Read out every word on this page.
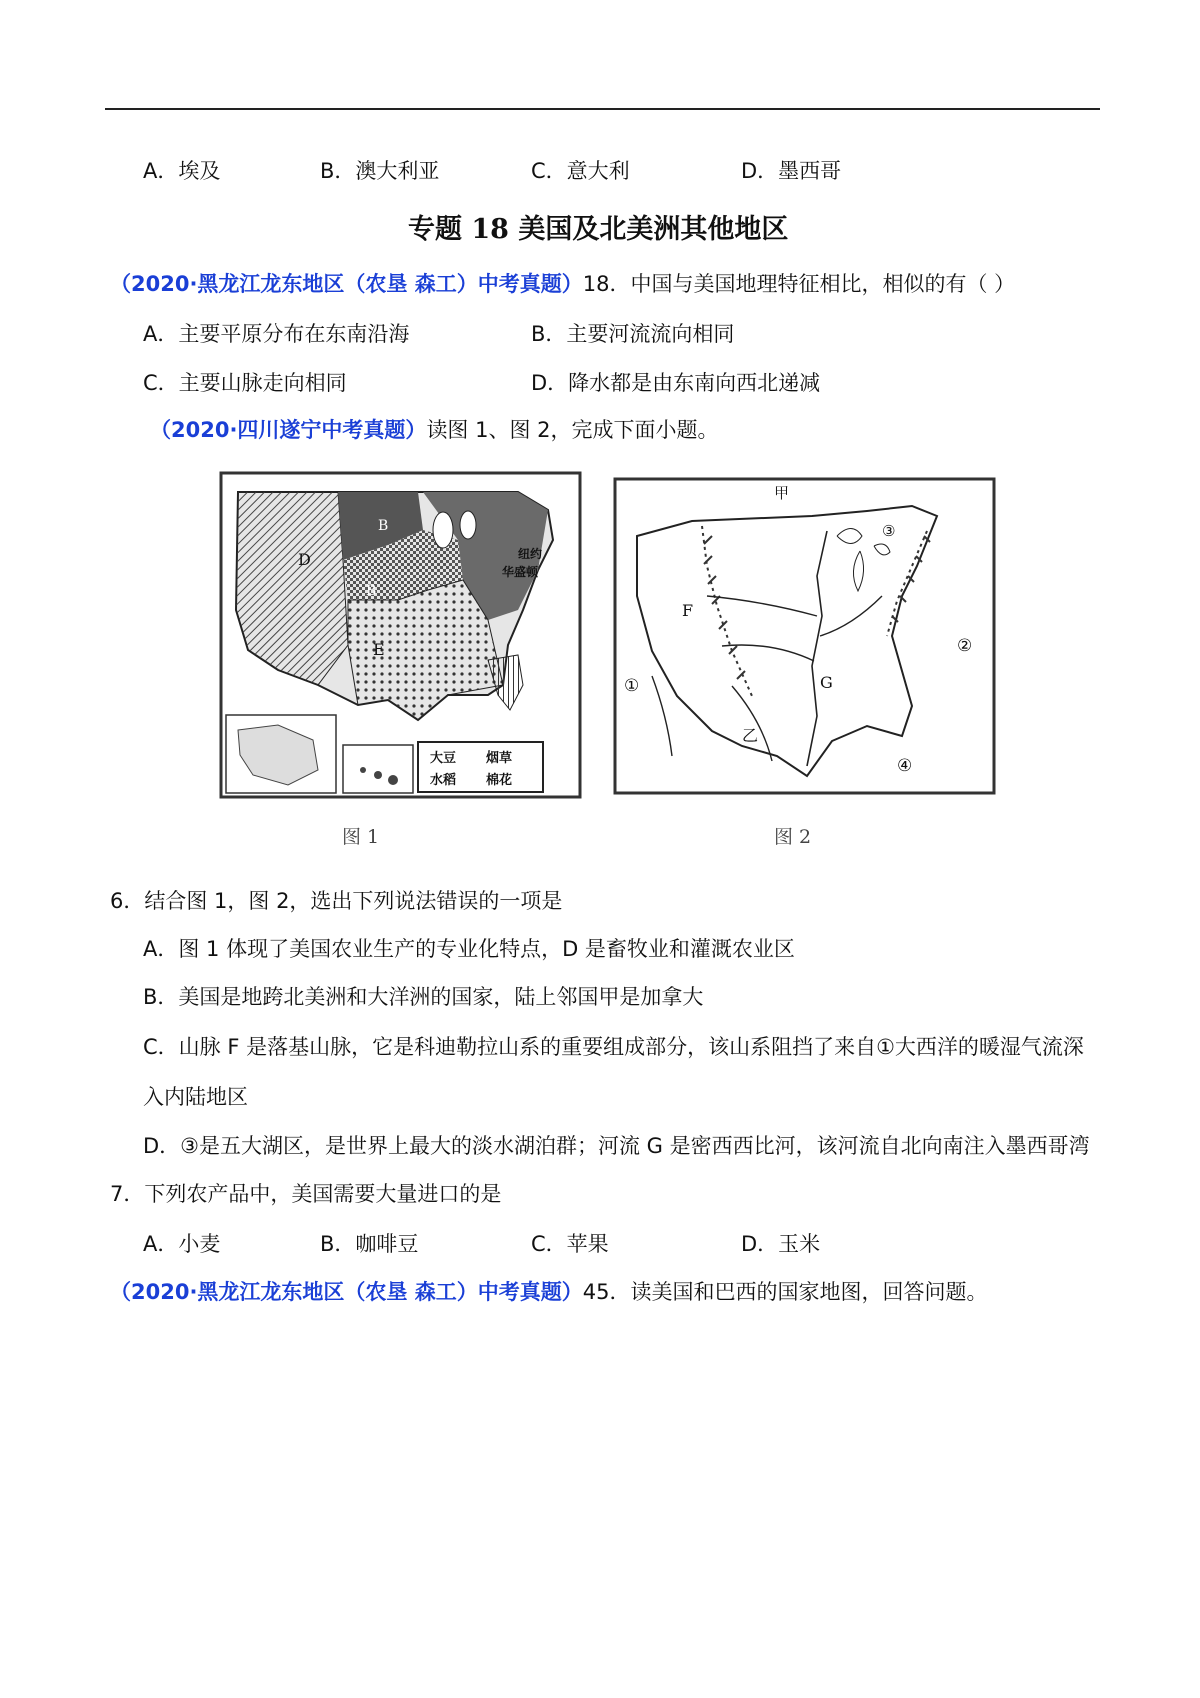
A．埃及	B．澳大利亚	C．意大利	D．墨西哥
专题 18 美国及北美洲其他地区
（2020·黑龙江龙东地区（农垦 森工）中考真题）18．中国与美国地理特征相比，相似的有（ ）
A．主要平原分布在东南沿海	B．主要河流流向相同
C．主要山脉走向相同	D．降水都是由东南向西北递减
（2020·四川遂宁中考真题）读图 1、图 2，完成下面小题。
D
E
B
B
纽约
华盛顿
大豆 烟草
水稻 棉花
甲
乙
F
G
①
②
③
④
图 1	图 2
6．结合图 1，图 2，选出下列说法错误的一项是
A．图 1 体现了美国农业生产的专业化特点，D 是畜牧业和灌溉农业区
B．美国是地跨北美洲和大洋洲的国家，陆上邻国甲是加拿大
C．山脉 F 是落基山脉，它是科迪勒拉山系的重要组成部分，该山系阻挡了来自①大西洋的暖湿气流深
入内陆地区
D．③是五大湖区，是世界上最大的淡水湖泊群；河流 G 是密西西比河，该河流自北向南注入墨西哥湾
7．下列农产品中，美国需要大量进口的是
A．小麦	B．咖啡豆	C．苹果	D．玉米
（2020·黑龙江龙东地区（农垦 森工）中考真题）45．读美国和巴西的国家地图，回答问题。
